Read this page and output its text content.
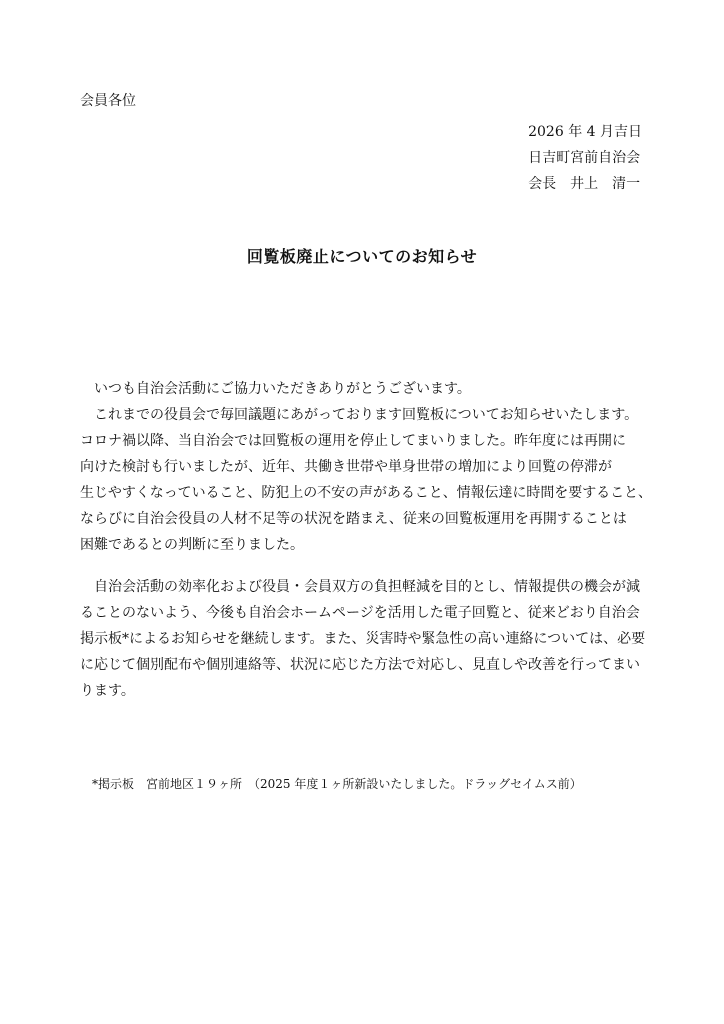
会員各位
2026 年 4 月吉日
日吉町宮前自治会
会長　井上　清一
回覧板廃止についてのお知らせ
　いつも自治会活動にご協力いただきありがとうございます。
　これまでの役員会で毎回議題にあがっております回覧板についてお知らせいたします。
コロナ禍以降、当自治会では回覧板の運用を停止してまいりました。昨年度には再開に
向けた検討も行いましたが、近年、共働き世帯や単身世帯の増加により回覧の停滞が
生じやすくなっていること、防犯上の不安の声があること、情報伝達に時間を要すること、
ならびに自治会役員の人材不足等の状況を踏まえ、従来の回覧板運用を再開することは
困難であるとの判断に至りました。
　自治会活動の効率化および役員・会員双方の負担軽減を目的とし、情報提供の機会が減
ることのないよう、今後も自治会ホームページを活用した電子回覧と、従来どおり自治会
掲示板*によるお知らせを継続します。また、災害時や緊急性の高い連絡については、必要
に応じて個別配布や個別連絡等、状況に応じた方法で対応し、見直しや改善を行ってまい
ります。
*掲示板　宮前地区１９ヶ所　（2025 年度１ヶ所新設いたしました。ドラッグセイムス前）
